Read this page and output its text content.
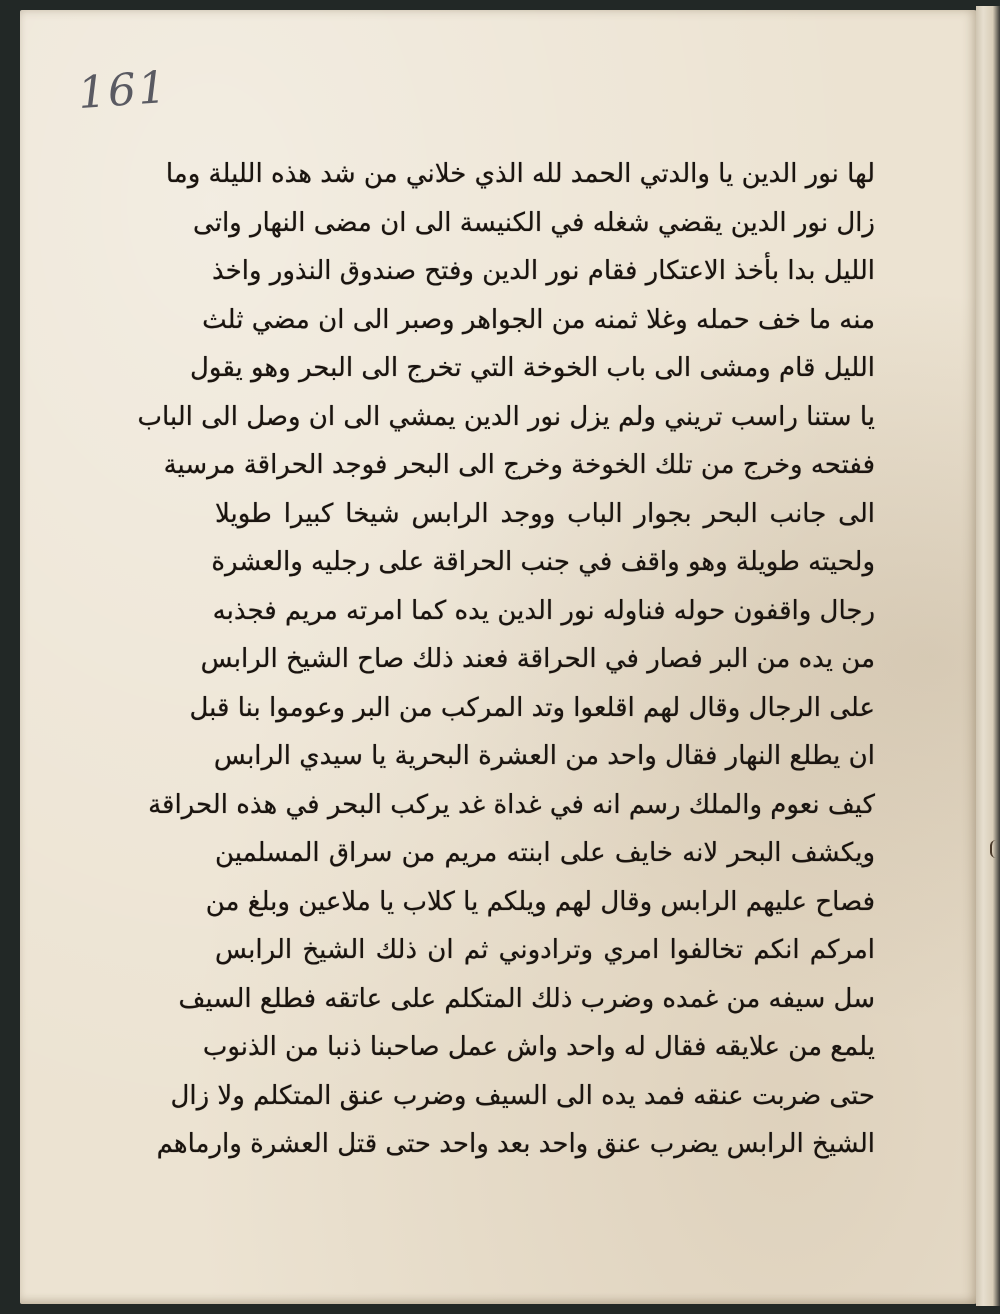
161
لها نور الدين يا والدتي الحمد لله الذي خلاني من شد هذه الليلة وما
زال نور الدين يقضي شغله في الكنيسة الى ان مضى النهار واتى
الليل بدا بأخذ الاعتكار فقام نور الدين وفتح صندوق النذور واخذ
منه ما خف حمله وغلا ثمنه من الجواهر وصبر الى ان مضي ثلث
الليل قام ومشى الى باب الخوخة التي تخرج الى البحر وهو يقول
يا ستنا راسب تريني ولم يزل نور الدين يمشي الى ان وصل الى الباب
ففتحه وخرج من تلك الخوخة وخرج الى البحر فوجد الحراقة مرسية
الى جانب البحر بجوار الباب ووجد الرابس شيخا كبيرا طويلا
ولحيته طويلة وهو واقف في جنب الحراقة على رجليه والعشرة
رجال واقفون حوله فناوله نور الدين يده كما امرته مريم فجذبه
من يده من البر فصار في الحراقة فعند ذلك صاح الشيخ الرابس
على الرجال وقال لهم اقلعوا وتد المركب من البر وعوموا بنا قبل
ان يطلع النهار فقال واحد من العشرة البحرية يا سيدي الرابس
كيف نعوم والملك رسم انه في غداة غد يركب البحر في هذه الحراقة
ويكشف البحر لانه خايف على ابنته مريم من سراق المسلمين
فصاح عليهم الرابس وقال لهم ويلكم يا كلاب يا ملاعين وبلغ من
امركم انكم تخالفوا امري وترادوني ثم ان ذلك الشيخ الرابس
سل سيفه من غمده وضرب ذلك المتكلم على عاتقه فطلع السيف
يلمع من علايقه فقال له واحد واش عمل صاحبنا ذنبا من الذنوب
حتى ضربت عنقه فمد يده الى السيف وضرب عنق المتكلم ولا زال
الشيخ الرابس يضرب عنق واحد بعد واحد حتى قتل العشرة وارماهم
